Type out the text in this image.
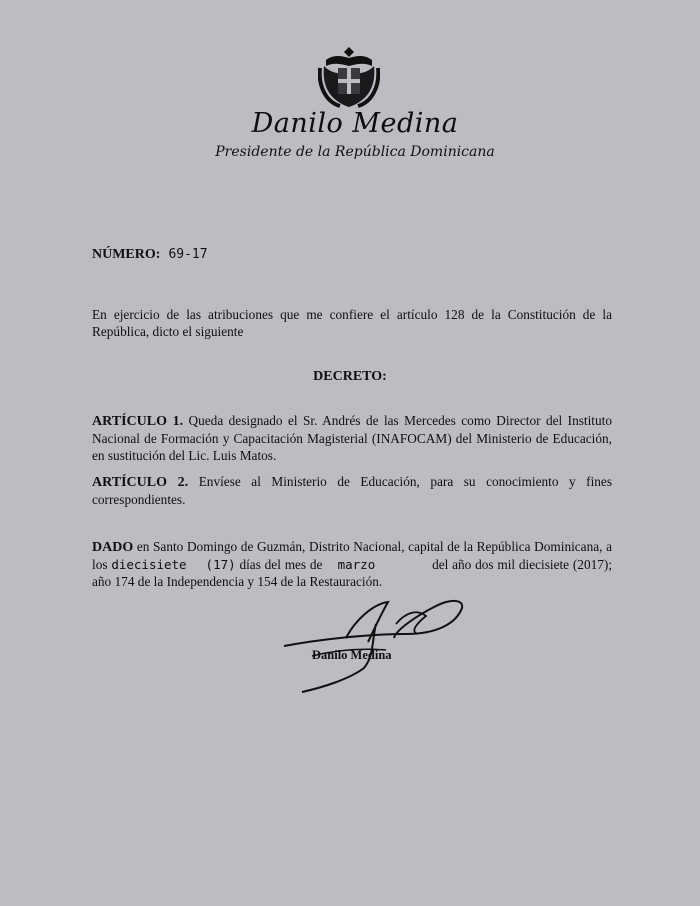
Danilo Medina
Presidente de la República Dominicana
NÚMERO: 69-17
En ejercicio de las atribuciones que me confiere el artículo 128 de la Constitución de la República, dicto el siguiente
DECRETO:
ARTÍCULO 1. Queda designado el Sr. Andrés de las Mercedes como Director del Instituto Nacional de Formación y Capacitación Magisterial (INAFOCAM) del Ministerio de Educación, en sustitución del Lic. Luis Matos.
ARTÍCULO 2. Envíese al Ministerio de Educación, para su conocimiento y fines correspondientes.
DADO en Santo Domingo de Guzmán, Distrito Nacional, capital de la República Dominicana, a los diecisiete (17) días del mes de marzo	del año dos mil diecisiete (2017); año 174 de la Independencia y 154 de la Restauración.
Danilo Medina
